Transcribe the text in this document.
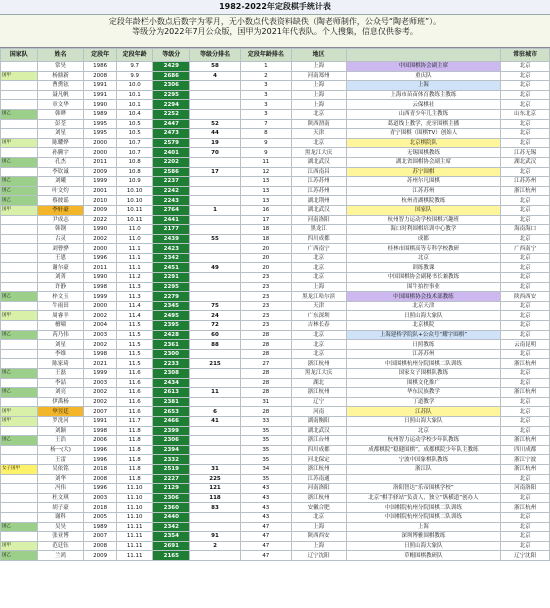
1982-2022年定段棋手统计表
定段年龄栏小数点后数字为零月，无小数点代表资料缺佚（陶老师制作，公众号“陶老师班”）。
等级分为2022年7月公众版，国甲为2021年代表队。个人搜集，信息仅供参考。
国家队	姓名	定段年	定段年龄	等级分	等级分排名	定段年龄排名	地区		常驻城市
	常昊	1986	9.7	2429	58	1	上海	中国围棋协会副主席	北京
国甲	杨鼎新	2008	9.9	2686	4	2	河南郑州	重庆队	北京
	曹熏铉	1991	10.0	2306		3	上海	上海	北京
	聂凡帆	1991	10.1	2295		3	上海	上海市苗苗体育教练主教练	北京
	章文华	1990	10.1	2294		3	上海	云保棋社	北京
国乙	韩晔	1989	10.4	2252		3	北京	山西青少年儿主教练	山东北京
	彭荃	1995	10.5	2447	52	7	陕西渭南	葛道线上教学，虎牙围棋主播	北京
	刘星	1995	10.5	2473	44	8	天津	青宁围棋（围棋TV）创始人	北京
国甲	陈耀烨	2000	10.7	2579	19	9	北京	北京棋院队	北京
	孙腾宇	2000	10.7	2401	70	9	黑龙江大庆	无锡围棋教练	江苏无锡
国乙	孔杰	2011	10.8	2202		11	湖北武汉	湖北省围棋协会副主席	湖北武汉
	李钦诚	2009	10.8	2586	17	12	江西南昌	苏宁围棋	北京
国乙	刘曦	1999	10.9	2237		13	江苏苏州	苏州尔凡围棋	江苏苏州
国乙	叶文灼	2001	10.10	2242		13	江苏苏州	江苏苏州	浙江杭州
国乙	蔡彼谣	2010	10.10	2243		13	湖北荆州	杭州青湖棋院教练	北京
国甲	李轩豪	2009	10.11	2764	1	16	湖北武汉	国家队	北京
	尹成志	2022	10.11	2441		17	河南洛阳	杭州智力运动学校围棋兴趣班	北京
	韩钢	1990	11.0	2177		18	黑龙江	海口时利围棋培训中心教学	海南海口
	古灵	2002	11.0	2439	55	18	四川成都	成都	北京
	刘曹骅	2000	11.1	2423		20	广西南宁	桂林市围棋高等专科学校教研	广西南宁
	王恩	1996	11.1	2342		20	北京	北京	北京
	谢尔豪	2011	11.1	2451	49	20	北京	训练教课	北京
	刘菁	1990	11.2	2291		23	北京	中国围棋协会副秘书长兼教练	北京
	许静	1998	11.3	2295		23	上海	围牛拍控事业	北京
国乙	梓文玉	1999	11.3	2279		23	黑龙江哈尔滨	中国围棋协会技术部教练	陕西西安
	牛雨田	2000	11.4	2345	75	23	天津	北京天津	北京
国甲	周睿羊	2002	11.4	2495	24	23	广东深圳	日照山海大象队	北京
	檀啸	2004	11.5	2395	72	23	吉林长春	北京棋院	北京
国乙	芮乃伟	2003	11.5	2428	60	28	北京	上海建桥学院队+公众号“耀宇围棋”	北京
	刘星	2002	11.5	2361	88	28	北京	日照教练	云南昆明
	李维	1998	11.5	2300		28	北京	江苏苏州	北京
	陈家琦	2021	11.5	2233	215	27	浙江杭州	中国围棋杭州分院围棋二队训练	浙江杭州
国乙	王磊	1999	11.6	2308		28	黑龙江大庆	国家女子围棋队教练	北京
	李喆	2003	11.6	2434		28	湖北	围棋文化推广	北京
国乙	刘亮	2002	11.6	2613	11	28	浙江杭州	华东民族教学	浙江杭州
	伊禹杨	2002	11.6	2381		31	辽宁	丁道教学	北京
国甲	芈昱廷	2007	11.6	2653	6	28	河南	江苏队	北京
国甲	罗洗河	1991	11.7	2466	41	33	湖南衡阳	日照山海大象队	北京
	刘颖	1998	11.8	2399		35	湖北武汉	北京	北京
国乙	王浩	2006	11.8	2306		35	浙江台州	杭州智力运动学校少年队教练	浙江杭州
	杨一(大)	1996	11.8	2394		35	四川成都	成都棋院“稳健围棋”，成都棋院少年队主教练	四川成都
	王雷	1996	11.8	2332		35	河北保定	宁波中国象棋队教练	浙江宁波
女子国甲	吴依铭	2018	11.8	2519	31	34	浙江杭州	浙江队	浙江杭州
	刘华	2008	11.8	2227	225	35	江苏南通		北京
	冯伟	1996	11.10	2129	121	43	河南洛阳	洛阳智达“乐帝围棋学校”	河南洛阳
	杜文琪	2003	11.10	2306	118	43	浙江杭州	北京“棋手驿站”负责人，独立“纵横道”创办人	北京
	胡子豪	2018	11.10	2360	83	43	安徽合肥	中国棋院杭州分院围棋二队训练	浙江杭州
	谢科	2005	11.10	2440		43	北京	中国棋院杭州分院围棋二队训练	北京
国乙	吴昊	1989	11.11	2342		47	上海	上海	北京
	张亚博	2007	11.11	2354	91	47	陕西西安	深圳博雅围棋教练	北京
国甲	范廷钰	2008	11.11	2691	2	47	上海	日照山海大象队	北京
国乙	兰鸿	2009	11.11	2165		47	辽宁沈阳	草帽围棋教研队	辽宁沈阳
